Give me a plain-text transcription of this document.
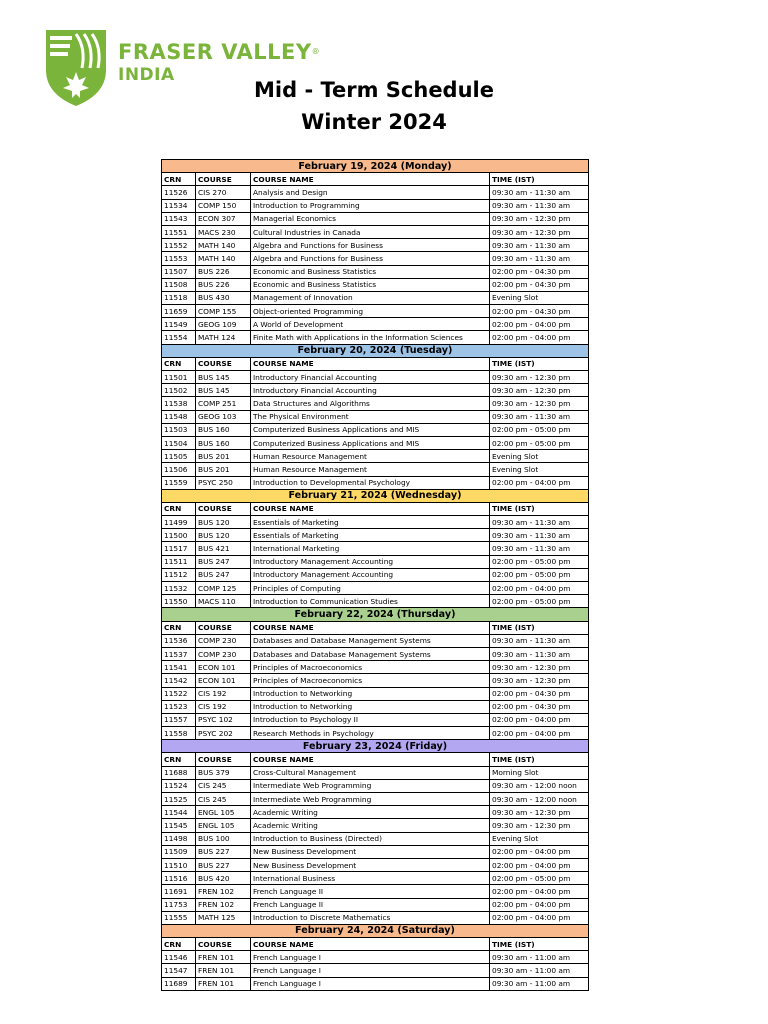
FRASER VALLEY®
INDIA
Mid - Term Schedule
Winter 2024
February 19, 2024 (Monday)			
CRN	COURSE	COURSE NAME	TIME (IST)
11526	CIS 270	Analysis and Design	09:30 am - 11:30 am
11534	COMP 150	Introduction to Programming	09:30 am - 11:30 am
11543	ECON 307	Managerial Economics	09:30 am - 12:30 pm
11551	MACS 230	Cultural Industries in Canada	09:30 am - 12:30 pm
11552	MATH 140	Algebra and Functions for Business	09:30 am - 11:30 am
11553	MATH 140	Algebra and Functions for Business	09:30 am - 11:30 am
11507	BUS 226	Economic and Business Statistics	02:00 pm - 04:30 pm
11508	BUS 226	Economic and Business Statistics	02:00 pm - 04:30 pm
11518	BUS 430	Management of Innovation	Evening Slot
11659	COMP 155	Object-oriented Programming	02:00 pm - 04:30 pm
11549	GEOG 109	A World of Development	02:00 pm - 04:00 pm
11554	MATH 124	Finite Math with Applications in the Information Sciences	02:00 pm - 04:00 pm
February 20, 2024 (Tuesday)			
CRN	COURSE	COURSE NAME	TIME (IST)
11501	BUS 145	Introductory Financial Accounting	09:30 am - 12:30 pm
11502	BUS 145	Introductory Financial Accounting	09:30 am - 12:30 pm
11538	COMP 251	Data Structures and Algorithms	09:30 am - 12:30 pm
11548	GEOG 103	The Physical Environment	09:30 am - 11:30 am
11503	BUS 160	Computerized Business Applications and MIS	02:00 pm - 05:00 pm
11504	BUS 160	Computerized Business Applications and MIS	02:00 pm - 05:00 pm
11505	BUS 201	Human Resource Management	Evening Slot
11506	BUS 201	Human Resource Management	Evening Slot
11559	PSYC 250	Introduction to Developmental Psychology	02:00 pm - 04:00 pm
February 21, 2024 (Wednesday)			
CRN	COURSE	COURSE NAME	TIME (IST)
11499	BUS 120	Essentials of Marketing	09:30 am - 11:30 am
11500	BUS 120	Essentials of Marketing	09:30 am - 11:30 am
11517	BUS 421	International Marketing	09:30 am - 11:30 am
11511	BUS 247	Introductory Management Accounting	02:00 pm - 05:00 pm
11512	BUS 247	Introductory Management Accounting	02:00 pm - 05:00 pm
11532	COMP 125	Principles of Computing	02:00 pm - 04:00 pm
11550	MACS 110	Introduction to Communication Studies	02:00 pm - 05:00 pm
February 22, 2024 (Thursday)			
CRN	COURSE	COURSE NAME	TIME (IST)
11536	COMP 230	Databases and Database Management Systems	09:30 am - 11:30 am
11537	COMP 230	Databases and Database Management Systems	09:30 am - 11:30 am
11541	ECON 101	Principles of Macroeconomics	09:30 am - 12:30 pm
11542	ECON 101	Principles of Macroeconomics	09:30 am - 12:30 pm
11522	CIS 192	Introduction to Networking	02:00 pm - 04:30 pm
11523	CIS 192	Introduction to Networking	02:00 pm - 04:30 pm
11557	PSYC 102	Introduction to Psychology II	02:00 pm - 04:00 pm
11558	PSYC 202	Research Methods in Psychology	02:00 pm - 04:00 pm
February 23, 2024 (Friday)			
CRN	COURSE	COURSE NAME	TIME (IST)
11688	BUS 379	Cross-Cultural Management	Morning Slot
11524	CIS 245	Intermediate Web Programming	09:30 am - 12:00 noon
11525	CIS 245	Intermediate Web Programming	09:30 am - 12:00 noon
11544	ENGL 105	Academic Writing	09:30 am - 12:30 pm
11545	ENGL 105	Academic Writing	09:30 am - 12:30 pm
11498	BUS 100	Introduction to Business (Directed)	Evening Slot
11509	BUS 227	New Business Development	02:00 pm - 04:00 pm
11510	BUS 227	New Business Development	02:00 pm - 04:00 pm
11516	BUS 420	International Business	02:00 pm - 05:00 pm
11691	FREN 102	French Language II	02:00 pm - 04:00 pm
11753	FREN 102	French Language II	02:00 pm - 04:00 pm
11555	MATH 125	Introduction to Discrete Mathematics	02:00 pm - 04:00 pm
February 24, 2024 (Saturday)			
CRN	COURSE	COURSE NAME	TIME (IST)
11546	FREN 101	French Language I	09:30 am - 11:00 am
11547	FREN 101	French Language I	09:30 am - 11:00 am
11689	FREN 101	French Language I	09:30 am - 11:00 am
